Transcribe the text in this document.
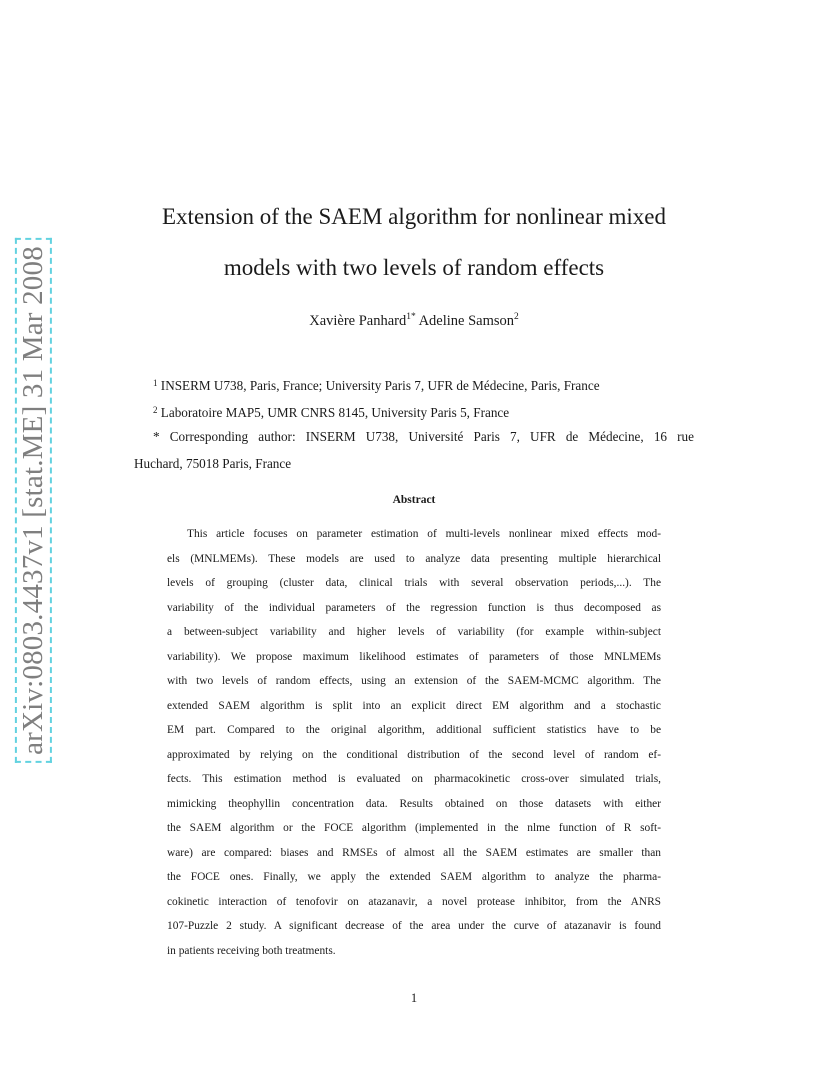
arXiv:0803.4437v1 [stat.ME] 31 Mar 2008
Extension of the SAEM algorithm for nonlinear mixed
models with two levels of random effects
Xavière Panhard$^{1*}$ Adeline Samson$^2$
$^1$ INSERM U738, Paris, France; University Paris 7, UFR de Médecine, Paris, France
$^2$ Laboratoire MAP5, UMR CNRS 8145, University Paris 5, France
* Corresponding author: INSERM U738, Université Paris 7, UFR de Médecine, 16 rue
Huchard, 75018 Paris, France
Abstract
This article focuses on parameter estimation of multi-levels nonlinear mixed effects mod-
els (MNLMEMs). These models are used to analyze data presenting multiple hierarchical
levels of grouping (cluster data, clinical trials with several observation periods,...). The
variability of the individual parameters of the regression function is thus decomposed as
a between-subject variability and higher levels of variability (for example within-subject
variability). We propose maximum likelihood estimates of parameters of those MNLMEMs
with two levels of random effects, using an extension of the SAEM-MCMC algorithm. The
extended SAEM algorithm is split into an explicit direct EM algorithm and a stochastic
EM part. Compared to the original algorithm, additional sufficient statistics have to be
approximated by relying on the conditional distribution of the second level of random ef-
fects. This estimation method is evaluated on pharmacokinetic cross-over simulated trials,
mimicking theophyllin concentration data. Results obtained on those datasets with either
the SAEM algorithm or the FOCE algorithm (implemented in the nlme function of R soft-
ware) are compared: biases and RMSEs of almost all the SAEM estimates are smaller than
the FOCE ones. Finally, we apply the extended SAEM algorithm to analyze the pharma-
cokinetic interaction of tenofovir on atazanavir, a novel protease inhibitor, from the ANRS
107-Puzzle 2 study. A significant decrease of the area under the curve of atazanavir is found
in patients receiving both treatments.
1
